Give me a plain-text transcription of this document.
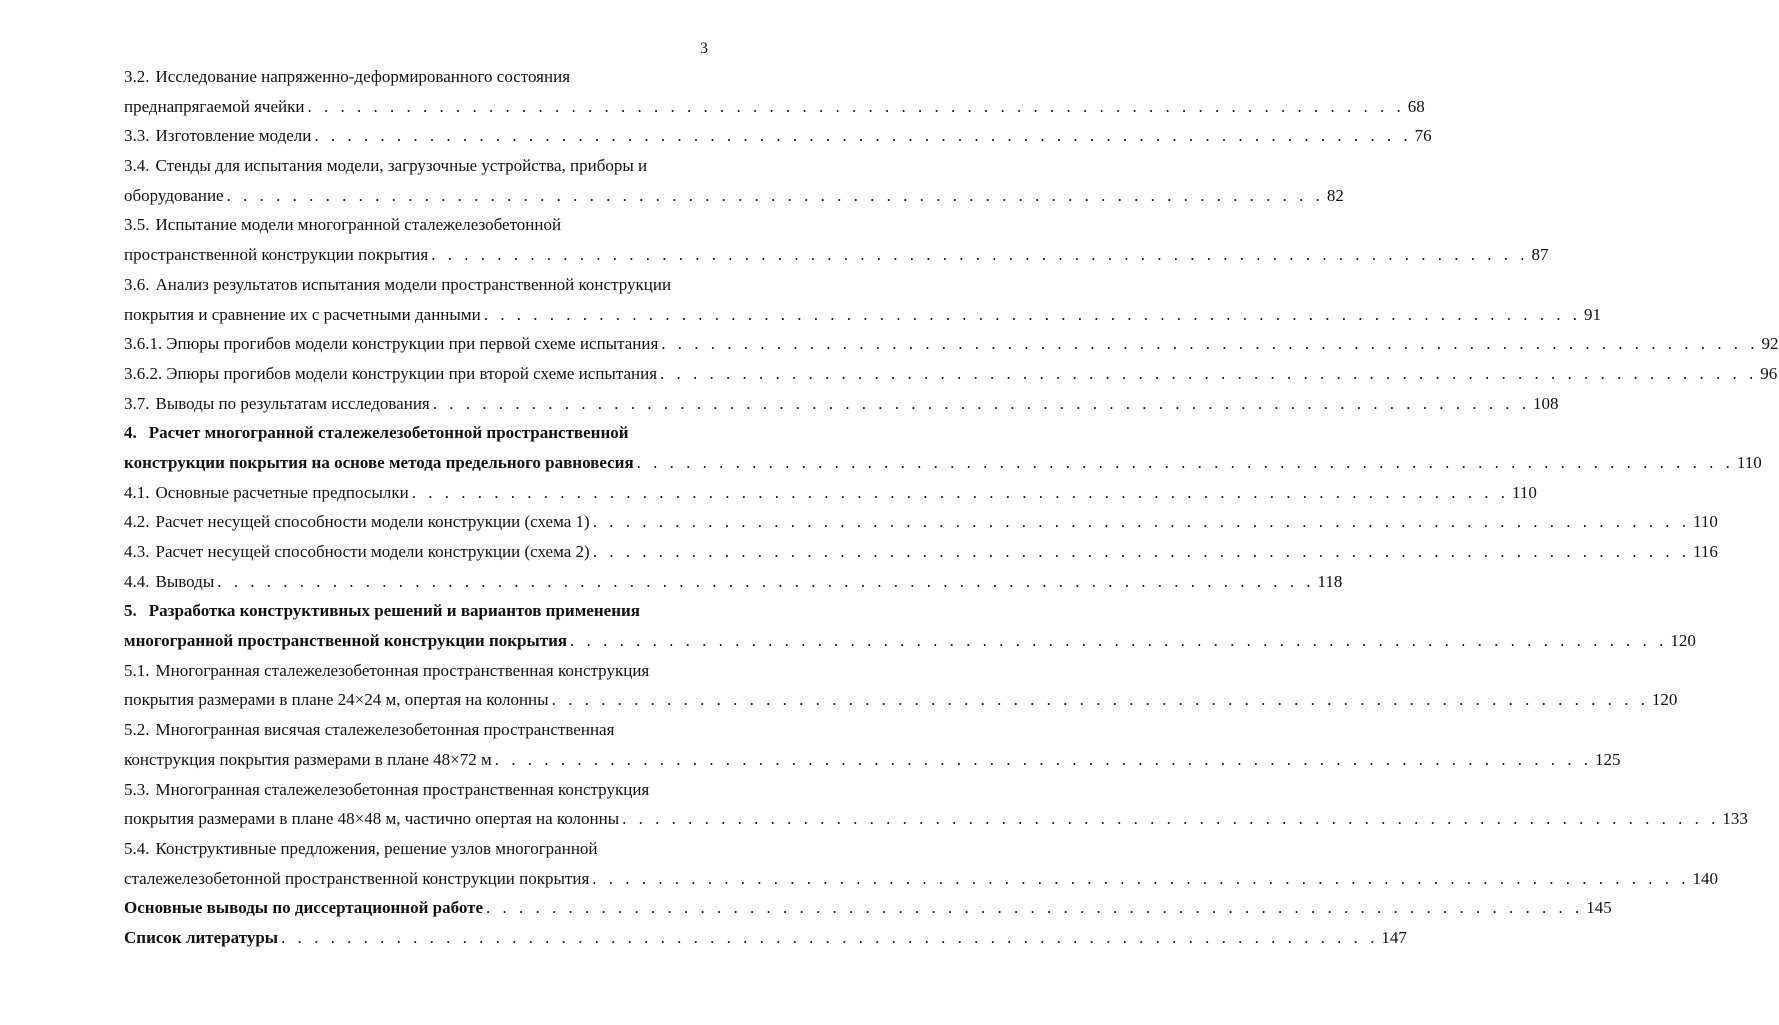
3
3.2. Исследование напряженно-деформированного состояния
преднапрягаемой ячейки . . . . . . . . . . . . . . . . . . . . . . . . . . . . . . . . . . . . . . . . . . . . . . . . . . . . . . . . . . . . . . . . . . . 68
3.3. Изготовление модели . . . . . . . . . . . . . . . . . . . . . . . . . . . . . . . . . . . . . . . . . . . . . . . . . . . . . . . . . . . . . . . . . . . 76
3.4. Стенды для испытания модели, загрузочные устройства, приборы и
оборудование . . . . . . . . . . . . . . . . . . . . . . . . . . . . . . . . . . . . . . . . . . . . . . . . . . . . . . . . . . . . . . . . . . . 82
3.5. Испытание модели многогранной сталежелезобетонной
пространственной конструкции покрытия . . . . . . . . . . . . . . . . . . . . . . . . . . . . . . . . . . . . . . . . . . . . . . . . . . . . . . . . . . . . . . . . . . . 87
3.6. Анализ результатов испытания модели пространственной конструкции
покрытия и сравнение их с расчетными данными . . . . . . . . . . . . . . . . . . . . . . . . . . . . . . . . . . . . . . . . . . . . . . . . . . . . . . . . . . . . . . . . . . . 91
3.6.1. Эпюры прогибов модели конструкции при первой схеме испытания . . . . . . . . . . . . . . . . . . . . . . . . . . . . . . . . . . . . . . . . . . . . . . . . . . . . . . . . . . . . . . . . . . . 92
3.6.2. Эпюры прогибов модели конструкции при второй схеме испытания . . . . . . . . . . . . . . . . . . . . . . . . . . . . . . . . . . . . . . . . . . . . . . . . . . . . . . . . . . . . . . . . . . . 96
3.7. Выводы по результатам исследования . . . . . . . . . . . . . . . . . . . . . . . . . . . . . . . . . . . . . . . . . . . . . . . . . . . . . . . . . . . . . . . . . . . 108
4. Расчет многогранной сталежелезобетонной пространственной
конструкции покрытия на основе метода предельного равновесия . . . . . . . . . . . . . . . . . . . . . . . . . . . . . . . . . . . . . . . . . . . . . . . . . . . . . . . . . . . . . . . . . . . 110
4.1. Основные расчетные предпосылки . . . . . . . . . . . . . . . . . . . . . . . . . . . . . . . . . . . . . . . . . . . . . . . . . . . . . . . . . . . . . . . . . . . 110
4.2. Расчет несущей способности модели конструкции (схема 1) . . . . . . . . . . . . . . . . . . . . . . . . . . . . . . . . . . . . . . . . . . . . . . . . . . . . . . . . . . . . . . . . . . . 110
4.3. Расчет несущей способности модели конструкции (схема 2) . . . . . . . . . . . . . . . . . . . . . . . . . . . . . . . . . . . . . . . . . . . . . . . . . . . . . . . . . . . . . . . . . . . 116
4.4. Выводы . . . . . . . . . . . . . . . . . . . . . . . . . . . . . . . . . . . . . . . . . . . . . . . . . . . . . . . . . . . . . . . . . . . 118
5. Разработка конструктивных решений и вариантов применения
многогранной пространственной конструкции покрытия . . . . . . . . . . . . . . . . . . . . . . . . . . . . . . . . . . . . . . . . . . . . . . . . . . . . . . . . . . . . . . . . . . . 120
5.1. Многогранная сталежелезобетонная пространственная конструкция
покрытия размерами в плане 24×24 м, опертая на колонны . . . . . . . . . . . . . . . . . . . . . . . . . . . . . . . . . . . . . . . . . . . . . . . . . . . . . . . . . . . . . . . . . . . 120
5.2. Многогранная висячая сталежелезобетонная пространственная
конструкция покрытия размерами в плане 48×72 м . . . . . . . . . . . . . . . . . . . . . . . . . . . . . . . . . . . . . . . . . . . . . . . . . . . . . . . . . . . . . . . . . . . 125
5.3. Многогранная сталежелезобетонная пространственная конструкция
покрытия размерами в плане 48×48 м, частично опертая на колонны . . . . . . . . . . . . . . . . . . . . . . . . . . . . . . . . . . . . . . . . . . . . . . . . . . . . . . . . . . . . . . . . . . . 133
5.4. Конструктивные предложения, решение узлов многогранной
сталежелезобетонной пространственной конструкции покрытия . . . . . . . . . . . . . . . . . . . . . . . . . . . . . . . . . . . . . . . . . . . . . . . . . . . . . . . . . . . . . . . . . . . 140
Основные выводы по диссертационной работе . . . . . . . . . . . . . . . . . . . . . . . . . . . . . . . . . . . . . . . . . . . . . . . . . . . . . . . . . . . . . . . . . . . 145
Список литературы . . . . . . . . . . . . . . . . . . . . . . . . . . . . . . . . . . . . . . . . . . . . . . . . . . . . . . . . . . . . . . . . . . . 147
